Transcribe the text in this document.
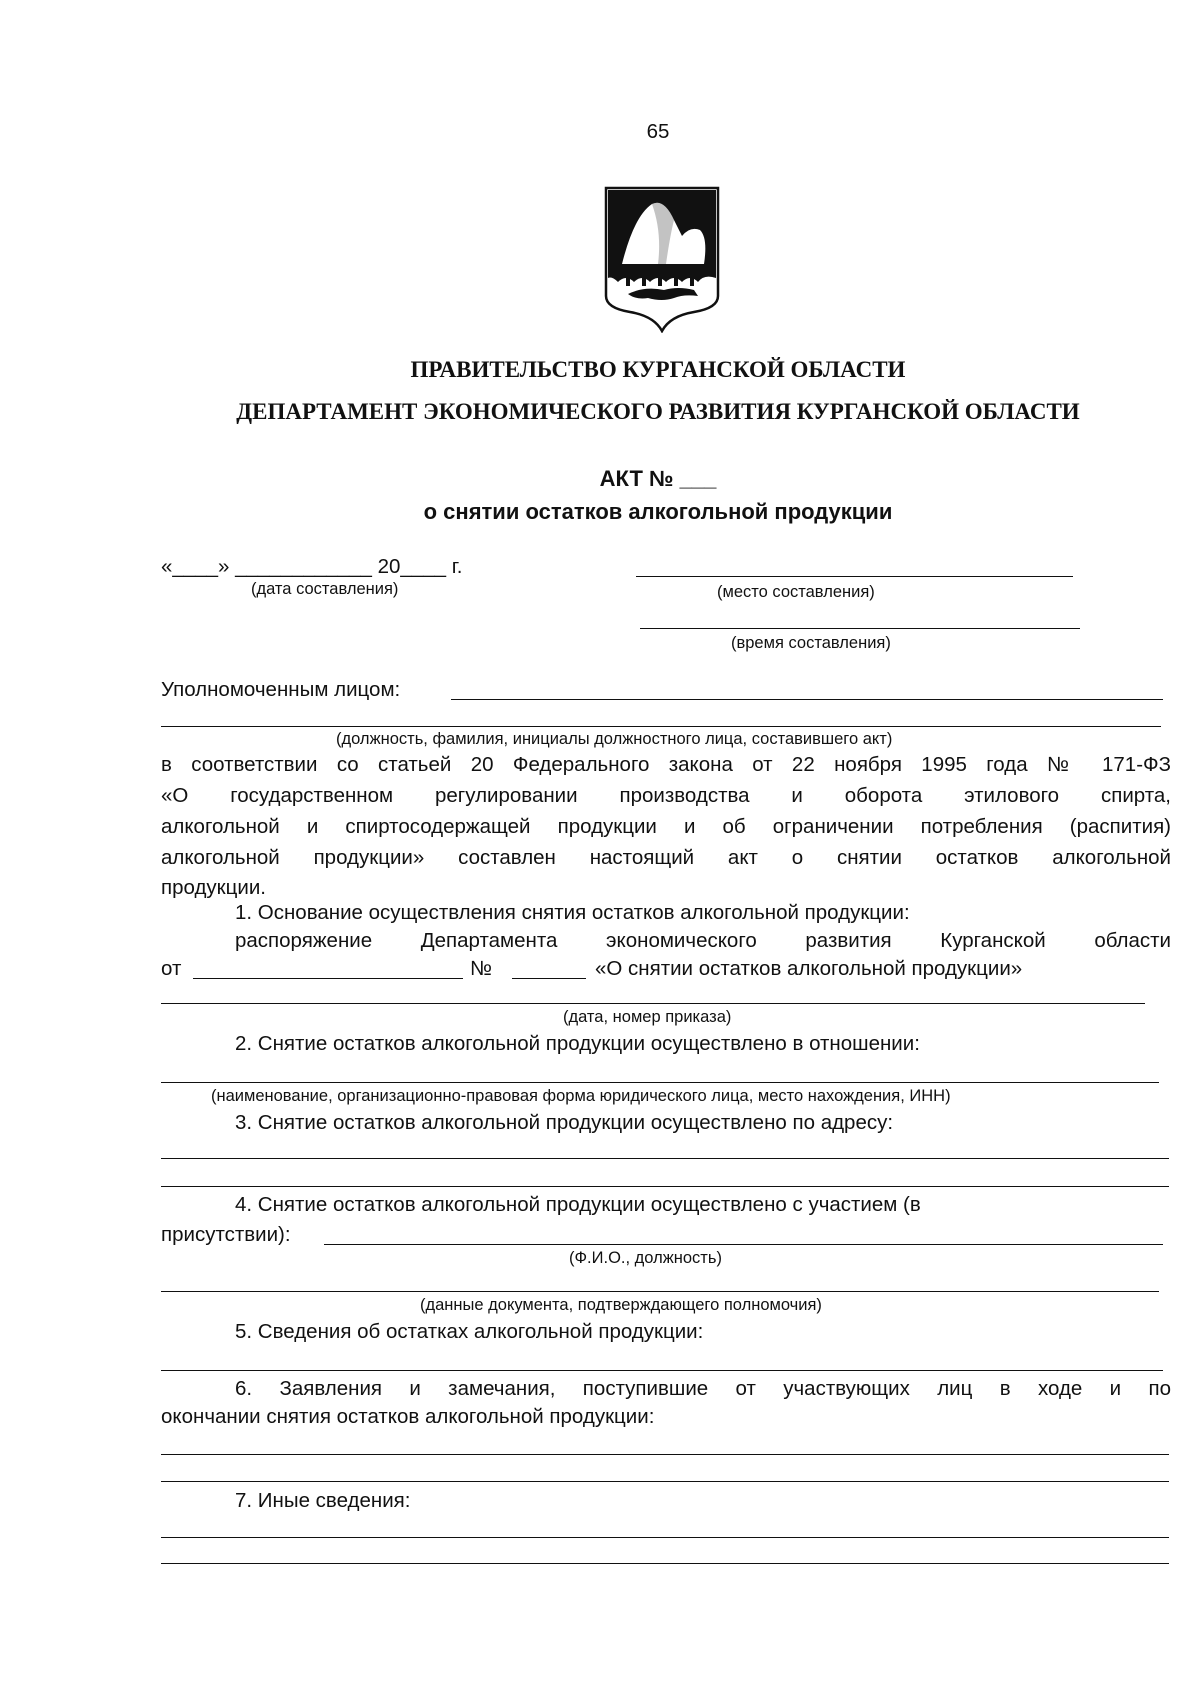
65
ПРАВИТЕЛЬСТВО КУРГАНСКОЙ ОБЛАСТИ
ДЕПАРТАМЕНТ ЭКОНОМИЧЕСКОГО РАЗВИТИЯ КУРГАНСКОЙ ОБЛАСТИ
АКТ № ___
о снятии остатков алкогольной продукции
«____» ____________ 20____ г.
(дата составления)	(место составления)
(время составления)
Уполномоченным лицом:
(должность, фамилия, инициалы должностного лица, составившего акт)
в соответствии со статьей 20 Федерального закона от 22 ноября 1995 года № 171-ФЗ
«О государственном регулировании производства и оборота этилового спирта,
алкогольной и спиртосодержащей продукции и об ограничении потребления (распития)
алкогольной продукции» составлен настоящий акт о снятии остатков алкогольной
продукции.
1. Основание осуществления снятия остатков алкогольной продукции:
распоряжение Департамента экономического развития Курганской области
от	№	«О снятии остатков алкогольной продукции»
(дата, номер приказа)
2. Снятие остатков алкогольной продукции осуществлено в отношении:
(наименование, организационно-правовая форма юридического лица, место нахождения, ИНН)
3. Снятие остатков алкогольной продукции осуществлено по адресу:
4. Снятие остатков алкогольной продукции осуществлено с участием (в
присутствии):
(Ф.И.О., должность)
(данные документа, подтверждающего полномочия)
5. Сведения об остатках алкогольной продукции:
6. Заявления и замечания, поступившие от участвующих лиц в ходе и по
окончании снятия остатков алкогольной продукции:
7. Иные сведения:
